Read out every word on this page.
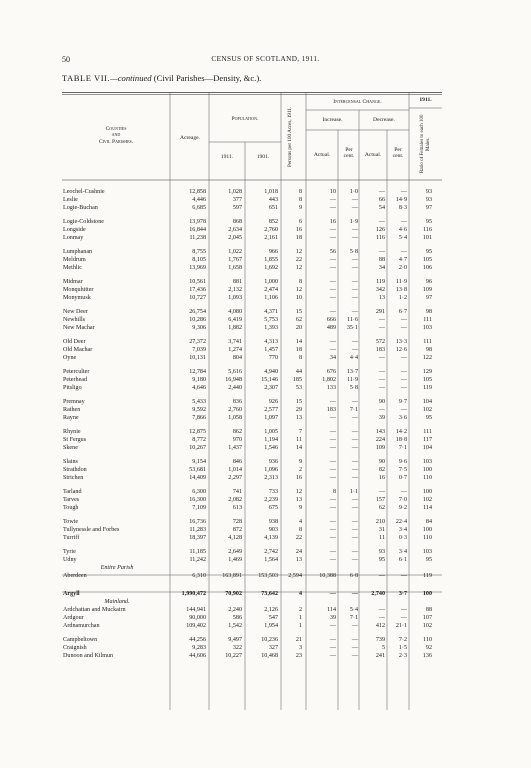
50	CENSUS OF SCOTLAND, 1911.
TABLE VII.—continued (Civil Parishes—Density, &c.).
Counties
and
Civil Parishes.
Acreage.
Population.
1911.	1901.	Persons per 100 Acres, 1911.
Intercensal Change.
Increase.	Decrease.
Actual.
Per cent.	Actual.
Per cent.
1911.
Ratio of Females to each 100 Males.
Leochel-Cushnie	12,858	1,028	1,018	8	10	1·0	—	—	93
Leslie	4,446	377	443	8	—	—	66	14·9	93
Logie-Buchan	6,685	597	651	9	—	—	54	8·3	97
Logie-Coldstone	13,978	868	852	6	16	1·9	—	—	95
Longside	16,844	2,634	2,760	16	—	—	126	4·6	116
Lonmay	11,238	2,045	2,161	18	—	—	116	5·4	101
Lumphanan	8,755	1,022	966	12	56	5·8	—	—	95
Meldrum	8,105	1,767	1,855	22	—	—	88	4·7	105
Methlic	13,969	1,658	1,692	12	—	—	34	2·0	106
Midmar	10,561	881	1,000	8	—	—	119	11·9	96
Monquhitter	17,436	2,132	2,474	12	—	—	342	13·8	109
Monymusk	10,727	1,093	1,106	10	—	—	13	1·2	97
New Deer	26,754	4,080	4,371	15	—	—	291	6·7	98
Newhills	10,286	6,419	5,753	62	666	11·6	—	—	111
New Machar	9,306	1,882	1,393	20	489	35·1	—	—	103
Old Deer	27,372	3,741	4,313	14	—	—	572	13·3	111
Old Machar	7,039	1,274	1,457	18	—	—	183	12·6	98
Oyne	10,131	804	770	8	34	4·4	—	—	122
Peterculter	12,784	5,616	4,940	44	676	13·7	—	—	129
Peterhead	9,180	16,948	15,146	185	1,802	11·9	—	—	105
Pitsligo	4,646	2,440	2,307	53	133	5·8	—	—	119
Premnay	5,433	836	926	15	—	—	90	9·7	104
Rathen	9,592	2,760	2,577	29	183	7·1	—	—	102
Rayne	7,866	1,058	1,097	13	—	—	39	3·6	95
Rhynie	12,875	862	1,005	7	—	—	143	14·2	111
St Fergus	8,772	970	1,194	11	—	—	224	18·8	117
Skene	10,267	1,437	1,546	14	—	—	109	7·1	104
Slains	9,154	846	936	9	—	—	90	9·6	103
Strathdon	53,681	1,014	1,096	2	—	—	82	7·5	100
Strichen	14,409	2,297	2,313	16	—	—	16	0·7	110
Tarland	6,300	741	733	12	8	1·1	—	—	100
Tarves	16,300	2,082	2,239	13	—	—	157	7·0	102
Tough	7,109	613	675	9	—	—	62	9·2	114
Towie	16,736	728	938	4	—	—	210	22·4	84
Tullynessle and Forbes	11,283	872	903	8	—	—	31	3·4	100
Turriff	18,397	4,128	4,139	22	—	—	11	0·3	110
Tyrie	11,185	2,649	2,742	24	—	—	93	3·4	103
Udny	11,242	1,469	1,564	13	—	—	95	6·1	95
Entire Parish
Aberdeen	6,310	163,891	153,503	2,594	10,388	6·8	—	—	119
Argyll	1,990,472	70,902	73,642	4	—	—	2,740	3·7	100
Mainland.
Ardchattan and Muckairn	144,941	2,240	2,126	2	114	5·4	—	—	88
Ardgour	90,000	586	547	1	39	7·1	—	—	107
Ardnamurchan	109,402	1,542	1,954	1	—	—	412	21·1	102
Campbeltown	44,256	9,497	10,236	21	—	—	739	7·2	110
Craignish	9,283	322	327	3	—	—	5	1·5	92
Dunoon and Kilmun	44,606	10,227	10,468	23	—	—	241	2·3	136
